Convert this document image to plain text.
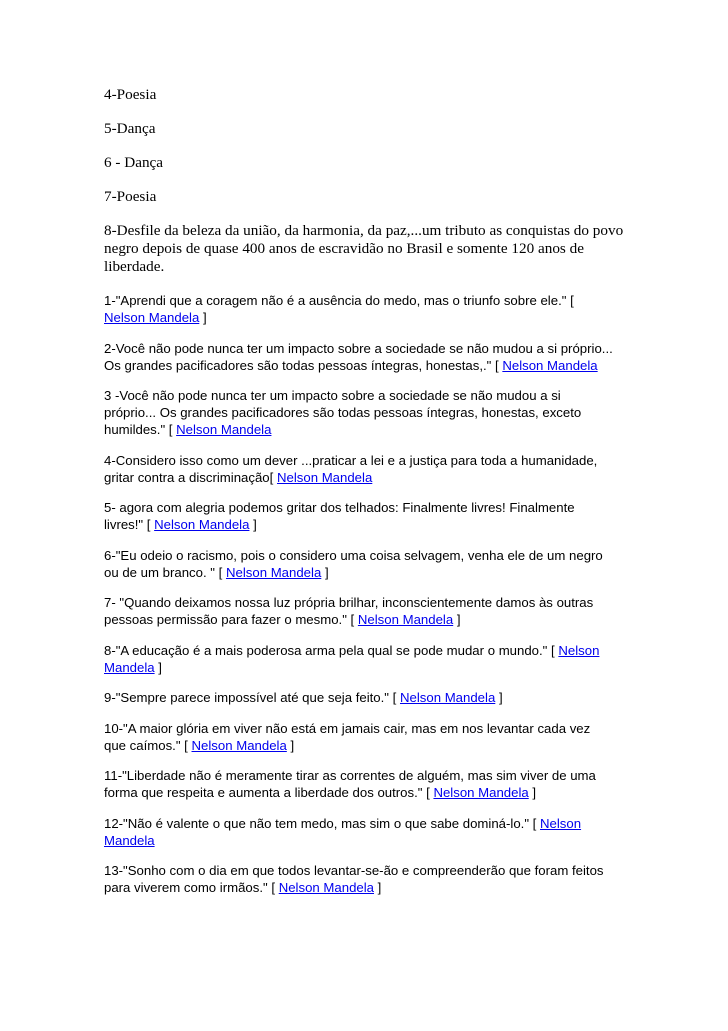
4-Poesia

5-Dança

6 - Dança

7-Poesia

8-Desfile da beleza da união, da harmonia, da paz,...um tributo as conquistas do povo
negro depois de quase 400 anos de escravidão no Brasil e somente 120 anos de
liberdade.

1-"Aprendi que a coragem não é a ausência do medo, mas o triunfo sobre ele." [
Nelson Mandela ]

2-Você não pode nunca ter um impacto sobre a sociedade se não mudou a si próprio...
Os grandes pacificadores são todas pessoas íntegras, honestas,." [ Nelson Mandela

3 -Você não pode nunca ter um impacto sobre a sociedade se não mudou a si
próprio... Os grandes pacificadores são todas pessoas íntegras, honestas, exceto
humildes." [ Nelson Mandela

4-Considero isso como um dever ...praticar a lei e a justiça para toda a humanidade,
gritar contra a discriminação[ Nelson Mandela

5- agora com alegria podemos gritar dos telhados: Finalmente livres! Finalmente
livres!" [ Nelson Mandela ]

6-"Eu odeio o racismo, pois o considero uma coisa selvagem, venha ele de um negro
ou de um branco. " [ Nelson Mandela ]

7- "Quando deixamos nossa luz própria brilhar, inconscientemente damos às outras
pessoas permissão para fazer o mesmo." [ Nelson Mandela ]

8-"A educação é a mais poderosa arma pela qual se pode mudar o mundo." [ Nelson
Mandela ]

9-"Sempre parece impossível até que seja feito." [ Nelson Mandela ]

10-"A maior glória em viver não está em jamais cair, mas em nos levantar cada vez
que caímos." [ Nelson Mandela ]

11-"Liberdade não é meramente tirar as correntes de alguém, mas sim viver de uma
forma que respeita e aumenta a liberdade dos outros." [ Nelson Mandela ]

12-"Não é valente o que não tem medo, mas sim o que sabe dominá-lo." [ Nelson
Mandela

13-"Sonho com o dia em que todos levantar-se-ão e compreenderão que foram feitos
para viverem como irmãos." [ Nelson Mandela ]
